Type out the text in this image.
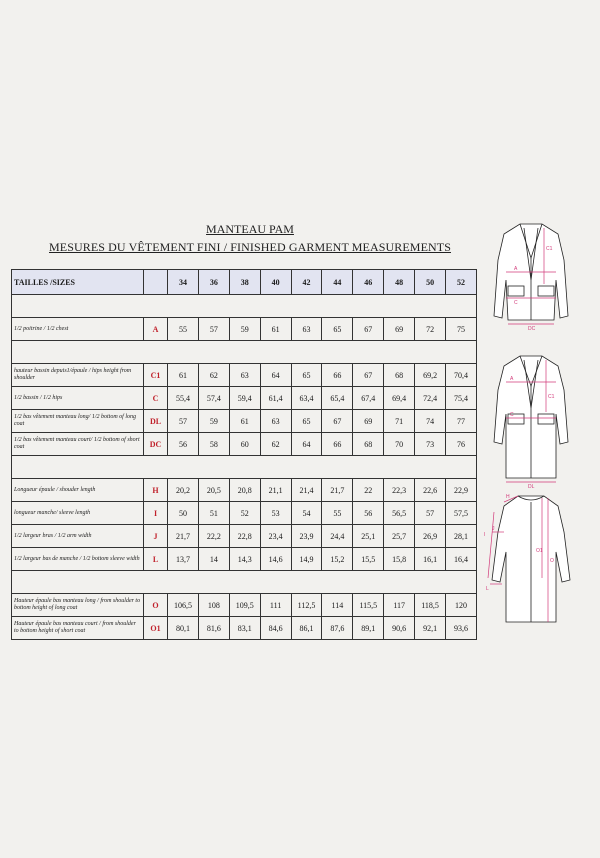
MANTEAU PAM
MESURES DU VÊTEMENT FINI / FINISHED GARMENT MEASUREMENTS
TAILLES /SIZES		34	36	38	40	42	44	46	48	50	52

1/2 poitrine / 1/2 chest	A	55	57	59	61	63	65	67	69	72	75

hauteur bassin depuis1/épaule / hips height from shoulder	C1	61	62	63	64	65	66	67	68	69,2	70,4
1/2 bassin / 1/2 hips	C	55,4	57,4	59,4	61,4	63,4	65,4	67,4	69,4	72,4	75,4
1/2 bas vêtement manteau long/ 1/2 bottom of long coat	DL	57	59	61	63	65	67	69	71	74	77
1/2 bas vêtement manteau court/ 1/2 bottom of short coat	DC	56	58	60	62	64	66	68	70	73	76

Longueur épaule / shouder length	H	20,2	20,5	20,8	21,1	21,4	21,7	22	22,3	22,6	22,9
longueur manche/ sleeve length	I	50	51	52	53	54	55	56	56,5	57	57,5
1/2 largeur bras / 1/2 arm width	J	21,7	22,2	22,8	23,4	23,9	24,4	25,1	25,7	26,9	28,1
1/2 largeur bas de manche / 1/2 bottom sleeve width	L	13,7	14	14,3	14,6	14,9	15,2	15,5	15,8	16,1	16,4

Hauteur épaule bas manteau long / from shoulder to bottom height of long coat	O	106,5	108	109,5	111	112,5	114	115,5	117	118,5	120
Hauteur épaule bas manteau court / from shoulder to bottom height of short coat	O1	80,1	81,6	83,1	84,6	86,1	87,6	89,1	90,6	92,1	93,6
C1
A
C
DC
A
C1
C
DL
H
I
J
L
O1
O
